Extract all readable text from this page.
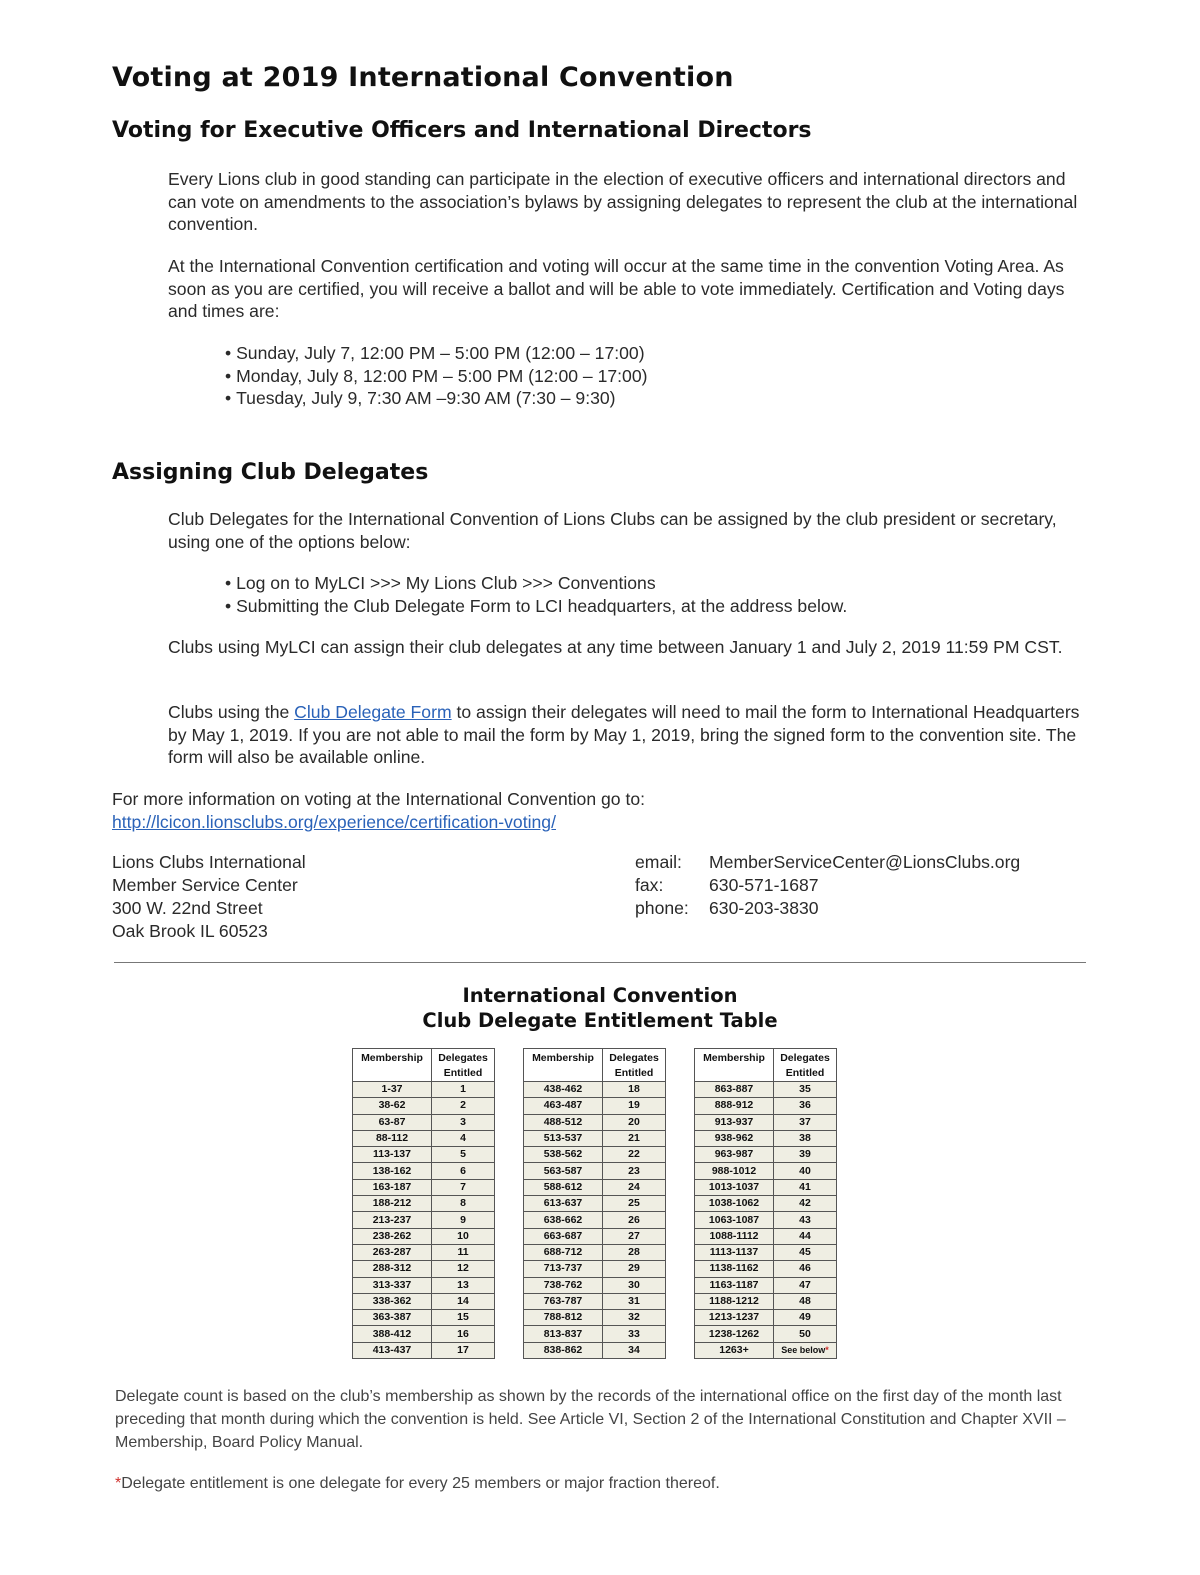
Voting at 2019 International Convention
Voting for Executive Officers and International Directors

Every Lions club in good standing can participate in the election of executive officers and international directors and can vote on amendments to the association’s bylaws by assigning delegates to represent the club at the international convention.

At the International Convention certification and voting will occur at the same time in the convention Voting Area. As soon as you are certified, you will receive a ballot and will be able to vote immediately. Certification and Voting days and times are:

• Sunday, July 7, 12:00 PM – 5:00 PM (12:00 – 17:00)
• Monday, July 8, 12:00 PM – 5:00 PM (12:00 – 17:00)
• Tuesday, July 9, 7:30 AM –9:30 AM (7:30 – 9:30)
Assigning Club Delegates

Club Delegates for the International Convention of Lions Clubs can be assigned by the club president or secretary, using one of the options below:

• Log on to MyLCI >>> My Lions Club >>> Conventions
• Submitting the Club Delegate Form to LCI headquarters, at the address below.

Clubs using MyLCI can assign their club delegates at any time between January 1 and July 2, 2019 11:59 PM CST.

Clubs using the Club Delegate Form to assign their delegates will need to mail the form to International Headquarters by May 1, 2019. If you are not able to mail the form by May 1, 2019, bring the signed form to the convention site. The form will also be available online.

For more information on voting at the International Convention go to:
http://lcicon.lionsclubs.org/experience/certification-voting/

Lions Clubs International
Member Service Center
300 W. 22nd Street
Oak Brook IL 60523
email:	MemberServiceCenter@LionsClubs.org
fax:	630-571-1687
phone:	630-203-3830
International Convention
Club Delegate Entitlement Table
Membership	Delegates
Entitled

1-37	1
38-62	2
63-87	3
88-112	4
113-137	5
138-162	6
163-187	7
188-212	8
213-237	9
238-262	10
263-287	11
288-312	12
313-337	13
338-362	14
363-387	15
388-412	16
413-437	17
Membership	Delegates
Entitled

438-462	18
463-487	19
488-512	20
513-537	21
538-562	22
563-587	23
588-612	24
613-637	25
638-662	26
663-687	27
688-712	28
713-737	29
738-762	30
763-787	31
788-812	32
813-837	33
838-862	34
Membership	Delegates
Entitled

863-887	35
888-912	36
913-937	37
938-962	38
963-987	39
988-1012	40
1013-1037	41
1038-1062	42
1063-1087	43
1088-1112	44
1113-1137	45
1138-1162	46
1163-1187	47
1188-1212	48
1213-1237	49
1238-1262	50
1263+	See below*

Delegate count is based on the club’s membership as shown by the records of the international office on the first day of the month last preceding that month during which the convention is held. See Article VI, Section 2 of the International Constitution and Chapter XVII – Membership, Board Policy Manual.

*Delegate entitlement is one delegate for every 25 members or major fraction thereof.
